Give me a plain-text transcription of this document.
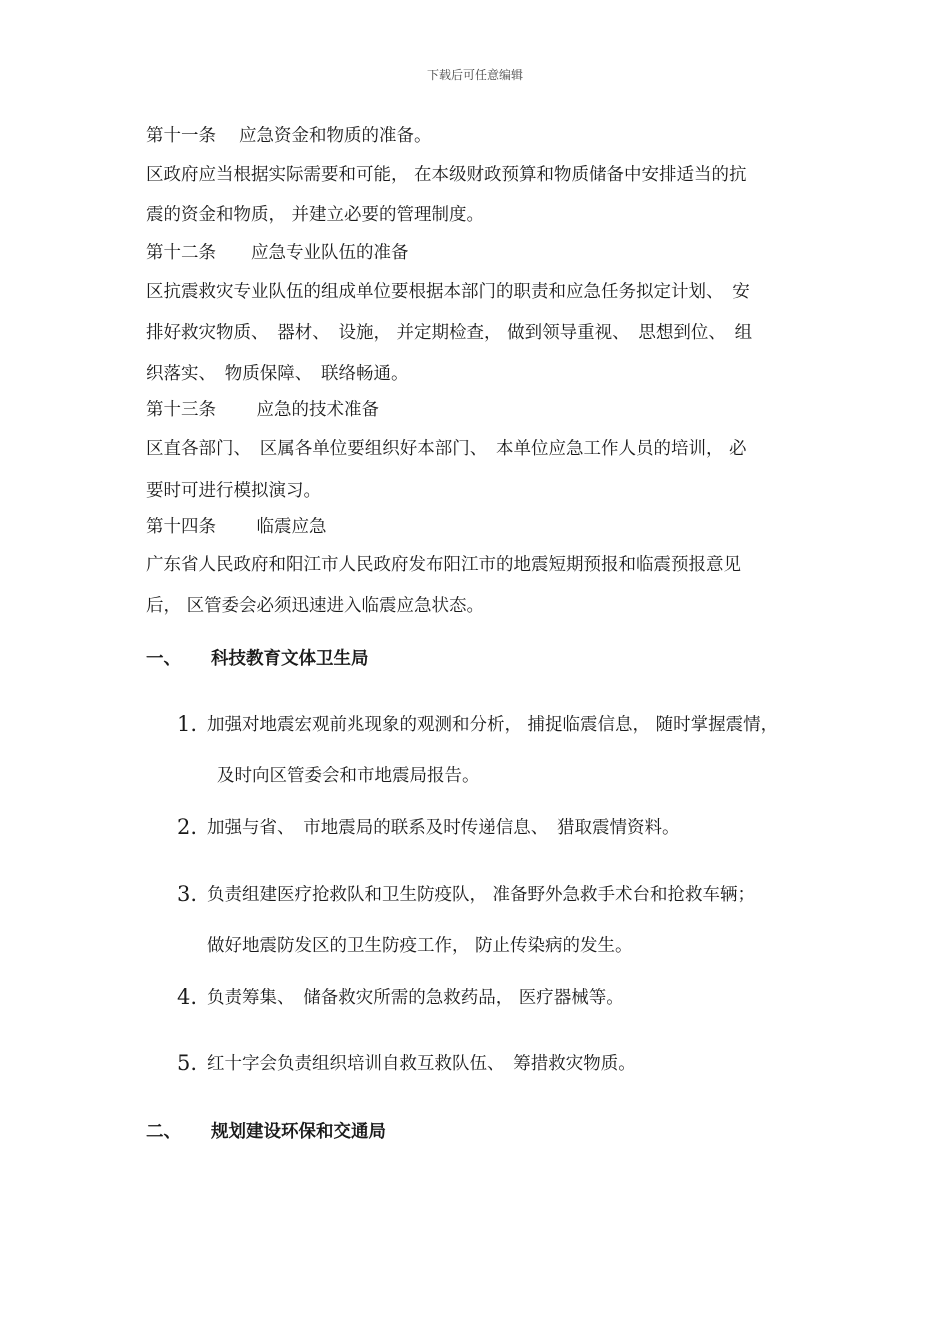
下载后可任意编辑
第十一条　 应急资金和物质的准备。
区政府应当根据实际需要和可能， 在本级财政预算和物质储备中安排适当的抗
震的资金和物质， 并建立必要的管理制度。
第十二条　　应急专业队伍的准备
区抗震救灾专业队伍的组成单位要根据本部门的职责和应急任务拟定计划、　安
排好救灾物质、　器材、　设施， 并定期检查， 做到领导重视、　思想到位、　组
织落实、　物质保障、　联络畅通。
第十三条　　 应急的技术准备
区直各部门、　区属各单位要组织好本部门、　本单位应急工作人员的培训， 必
要时可进行模拟演习。
第十四条　　 临震应急
广东省人民政府和阳江市人民政府发布阳江市的地震短期预报和临震预报意见
后， 区管委会必须迅速进入临震应急状态。
一、 科技教育文体卫生局
1. 加强对地震宏观前兆现象的观测和分析， 捕捉临震信息， 随时掌握震情，
及时向区管委会和市地震局报告。
2. 加强与省、　市地震局的联系及时传递信息、　猎取震情资料。
3. 负责组建医疗抢救队和卫生防疫队， 准备野外急救手术台和抢救车辆；
做好地震防发区的卫生防疫工作， 防止传染病的发生。
4. 负责筹集、　储备救灾所需的急救药品， 医疗器械等。
5. 红十字会负责组织培训自救互救队伍、　筹措救灾物质。
二、 规划建设环保和交通局
